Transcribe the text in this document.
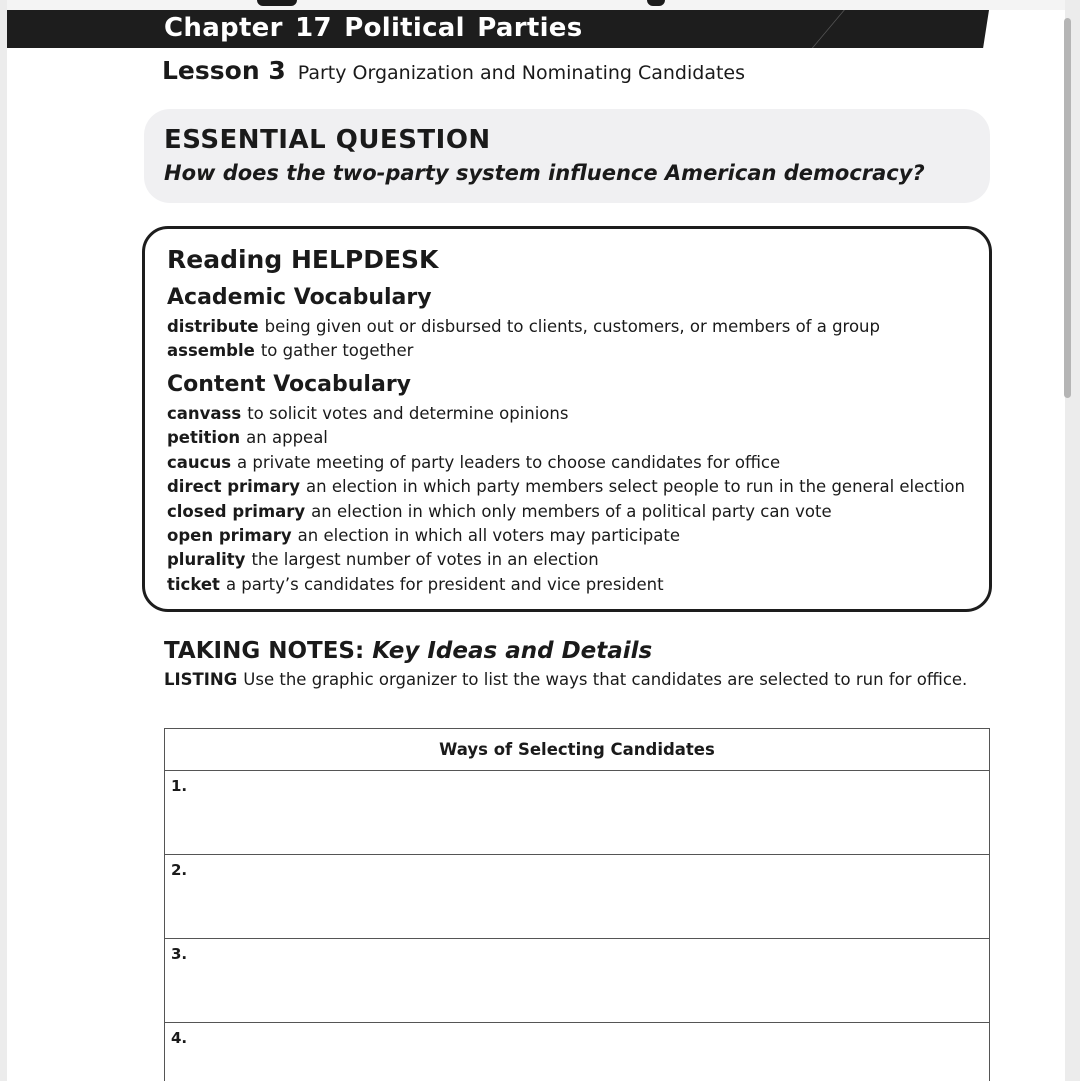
Chapter 17 Political Parties
Lesson 3 Party Organization and Nominating Candidates
ESSENTIAL QUESTION
How does the two-party system influence American democracy?
Reading HELPDESK
Academic Vocabulary
distribute being given out or disbursed to clients, customers, or members of a group
assemble to gather together
Content Vocabulary
canvass to solicit votes and determine opinions
petition an appeal
caucus a private meeting of party leaders to choose candidates for office
direct primary an election in which party members select people to run in the general election
closed primary an election in which only members of a political party can vote
open primary an election in which all voters may participate
plurality the largest number of votes in an election
ticket a party’s candidates for president and vice president
TAKING NOTES: Key Ideas and Details
LISTING Use the graphic organizer to list the ways that candidates are selected to run for office.
Ways of Selecting Candidates
1.
2.
3.
4.
